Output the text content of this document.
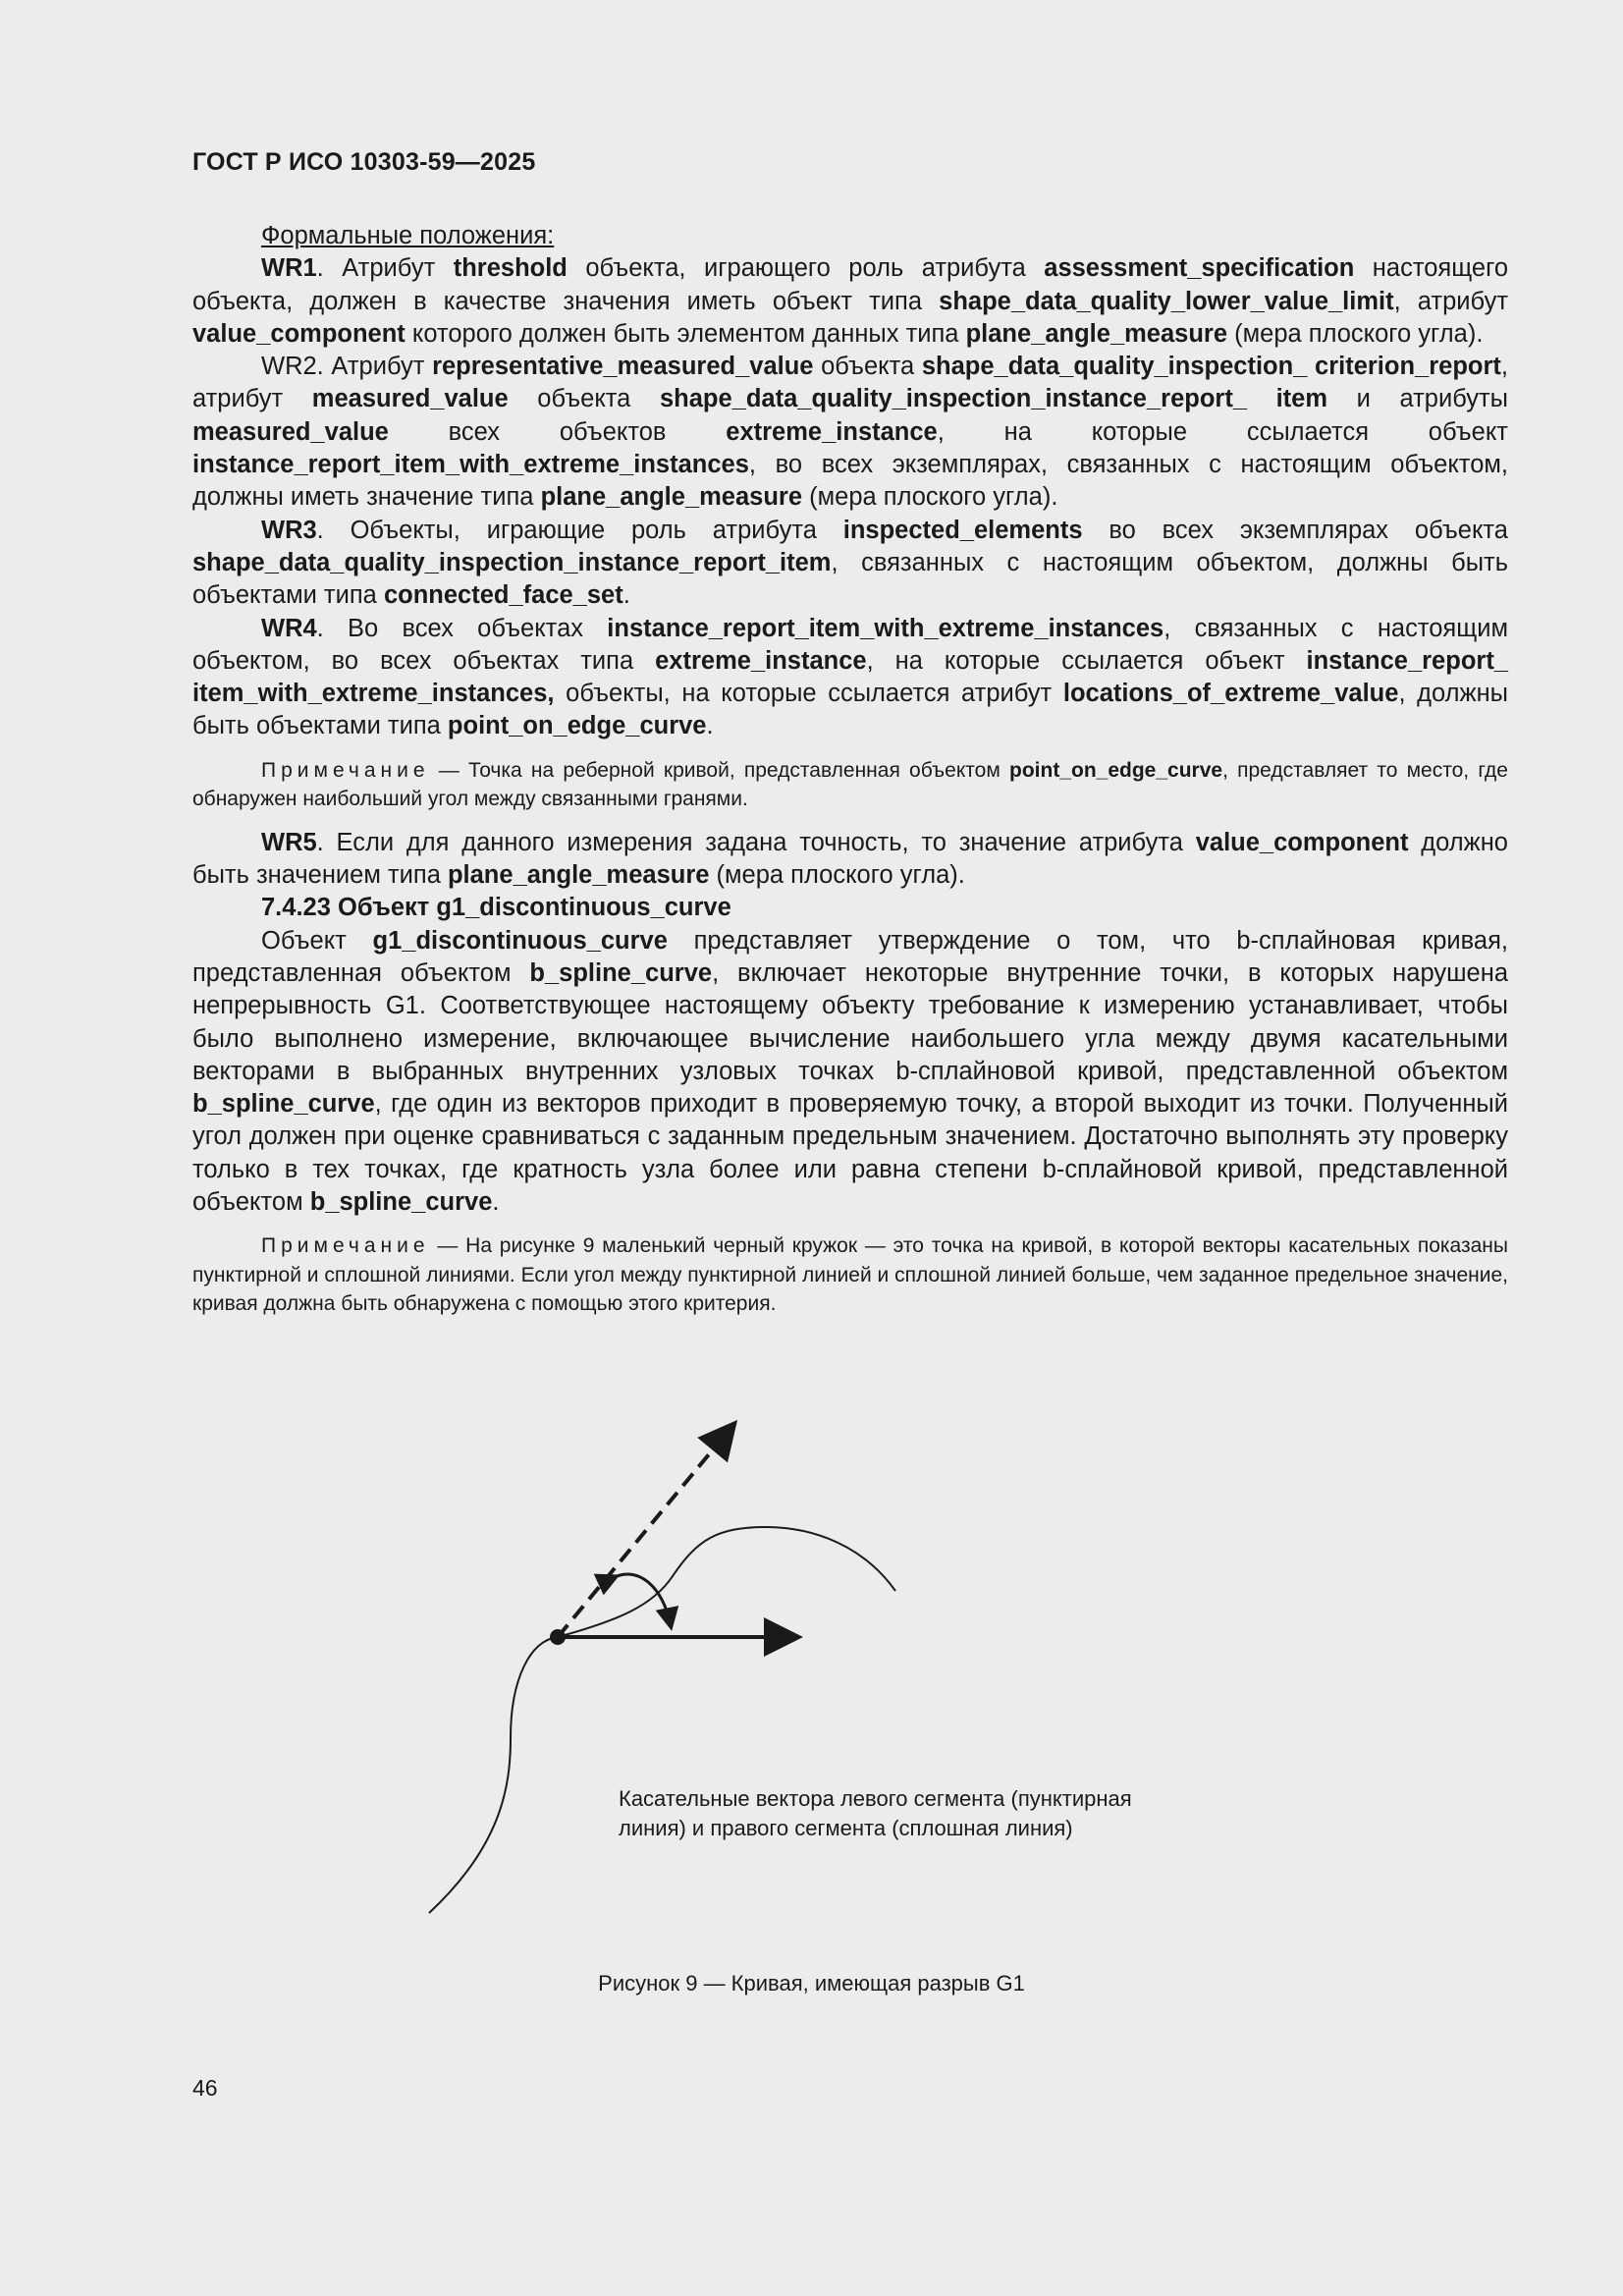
ГОСТ Р ИСО 10303-59—2025

Формальные положения:

WR1. Атрибут threshold объекта, играющего роль атрибута assessment_specification настоящего объекта, должен в качестве значения иметь объект типа shape_data_quality_lower_value_limit, атрибут value_component которого должен быть элементом данных типа plane_angle_measure (мера плоского угла).

WR2. Атрибут representative_measured_value объекта shape_data_quality_inspection_ criterion_report, атрибут measured_value объекта shape_data_quality_inspection_instance_report_ item и атрибуты measured_value всех объектов extreme_instance, на которые ссылается объект instance_report_item_with_extreme_instances, во всех экземплярах, связанных с настоящим объектом, должны иметь значение типа plane_angle_measure (мера плоского угла).

WR3. Объекты, играющие роль атрибута inspected_elements во всех экземплярах объекта shape_data_quality_inspection_instance_report_item, связанных с настоящим объектом, должны быть объектами типа connected_face_set.

WR4. Во всех объектах instance_report_item_with_extreme_instances, связанных с настоящим объектом, во всех объектах типа extreme_instance, на которые ссылается объект instance_report_ item_with_extreme_instances, объекты, на которые ссылается атрибут locations_of_extreme_value, должны быть объектами типа point_on_edge_curve.

Примечание — Точка на реберной кривой, представленная объектом point_on_edge_curve, представляет то место, где обнаружен наибольший угол между связанными гранями.

WR5. Если для данного измерения задана точность, то значение атрибута value_component должно быть значением типа plane_angle_measure (мера плоского угла).

7.4.23 Объект g1_discontinuous_curve

Объект g1_discontinuous_curve представляет утверждение о том, что b-сплайновая кривая, представленная объектом b_spline_curve, включает некоторые внутренние точки, в которых нарушена непрерывность G1. Соответствующее настоящему объекту требование к измерению устанавливает, чтобы было выполнено измерение, включающее вычисление наибольшего угла между двумя касательными векторами в выбранных внутренних узловых точках b-сплайновой кривой, представленной объектом b_spline_curve, где один из векторов приходит в проверяемую точку, а второй выходит из точки. Полученный угол должен при оценке сравниваться с заданным предельным значением. Достаточно выполнять эту проверку только в тех точках, где кратность узла более или равна степени b-сплайновой кривой, представленной объектом b_spline_curve.

Примечание — На рисунке 9 маленький черный кружок — это точка на кривой, в которой векторы касательных показаны пунктирной и сплошной линиями. Если угол между пунктирной линией и сплошной линией больше, чем заданное предельное значение, кривая должна быть обнаружена с помощью этого критерия.

Касательные вектора левого сегмента (пунктирная
линия) и правого сегмента (сплошная линия)
Рисунок 9 — Кривая, имеющая разрыв G1
46
